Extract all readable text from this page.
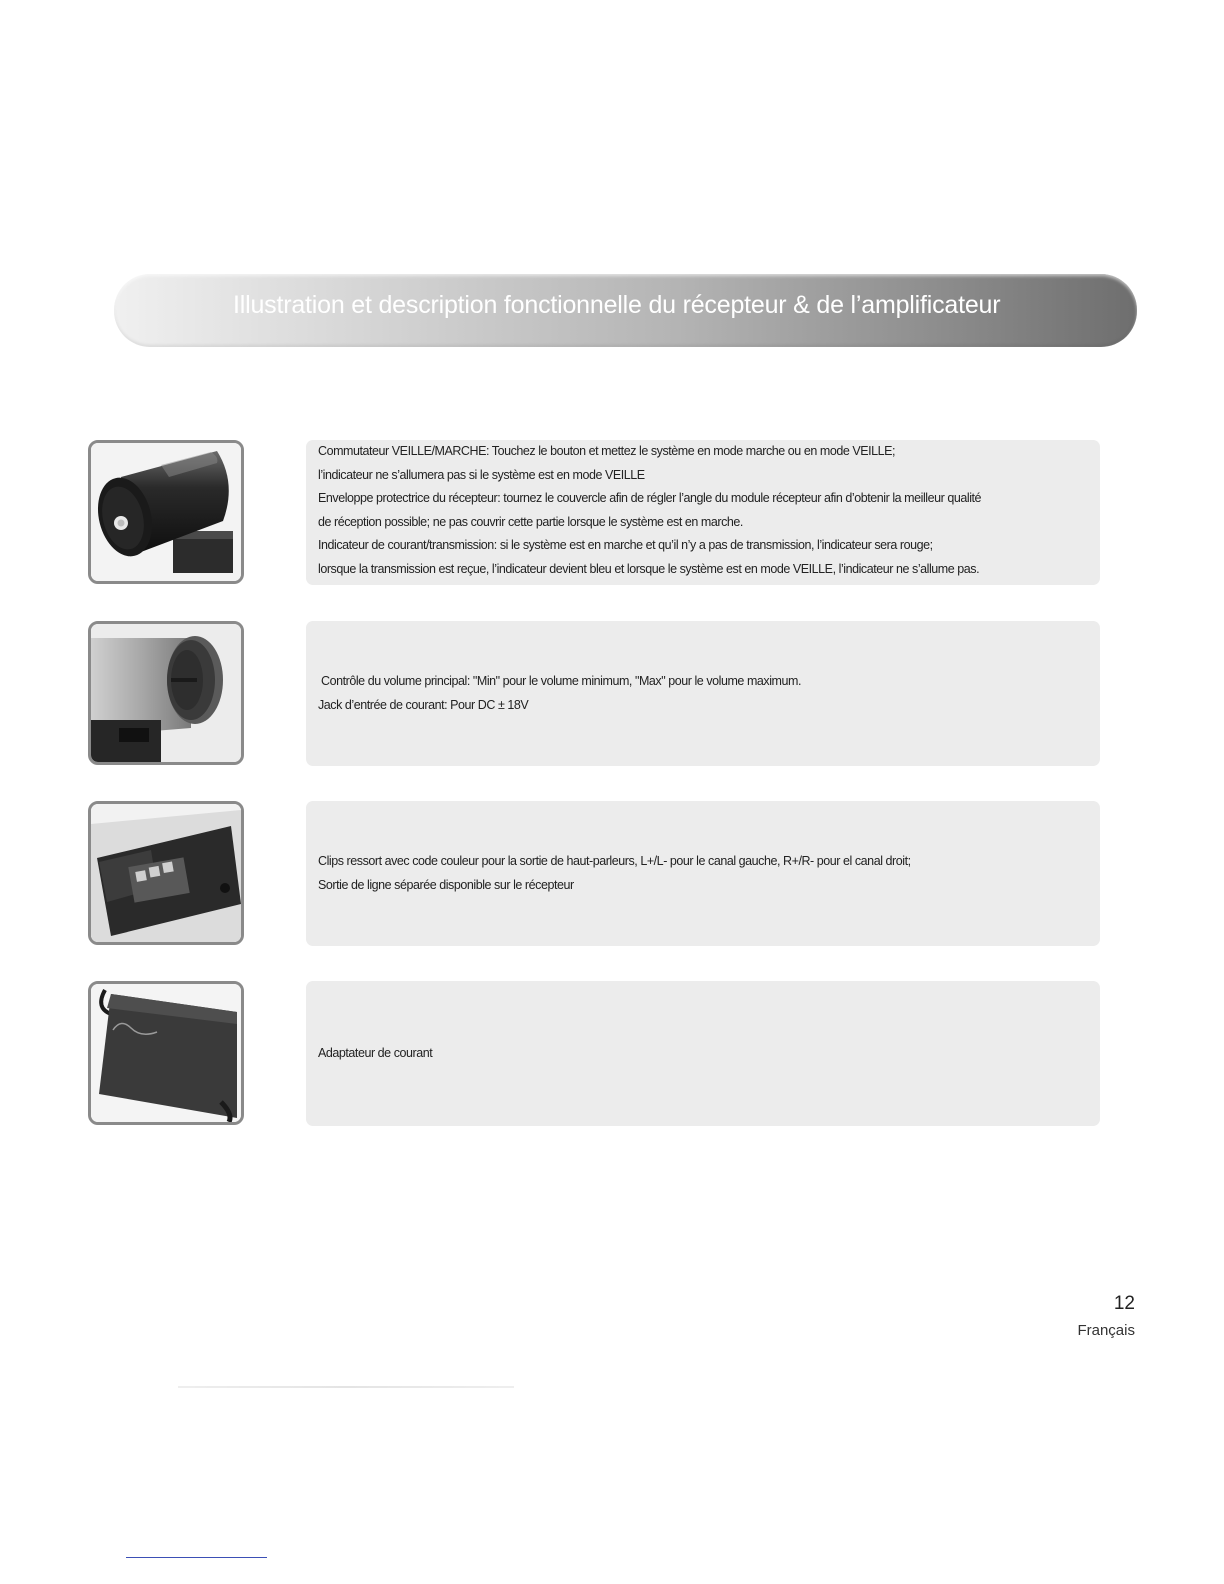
Illustration et description fonctionnelle du récepteur & de l’amplificateur
Commutateur VEILLE/MARCHE: Touchez le bouton et mettez le système en mode marche ou en mode VEILLE;
l’indicateur ne s’allumera pas si le système est en mode VEILLE
Enveloppe protectrice du récepteur: tournez le couvercle afin de régler l’angle du module récepteur afin d’obtenir la meilleur qualité
de réception possible; ne pas couvrir cette partie lorsque le système est en marche.
Indicateur de courant/transmission: si le système est en marche et qu’il n’y a pas de transmission, l’indicateur sera rouge;
lorsque la transmission est reçue, l’indicateur devient bleu et lorsque le système est en mode VEILLE, l’indicateur ne s’allume pas.
Contrôle du volume principal: "Min" pour le volume minimum, "Max" pour le volume maximum.
Jack d’entrée de courant: Pour DC ± 18V
Clips ressort avec code couleur pour la sortie de haut-parleurs, L+/L- pour le canal gauche, R+/R- pour el canal droit;
Sortie de ligne séparée disponible sur le récepteur
Adaptateur de courant
12
Français
